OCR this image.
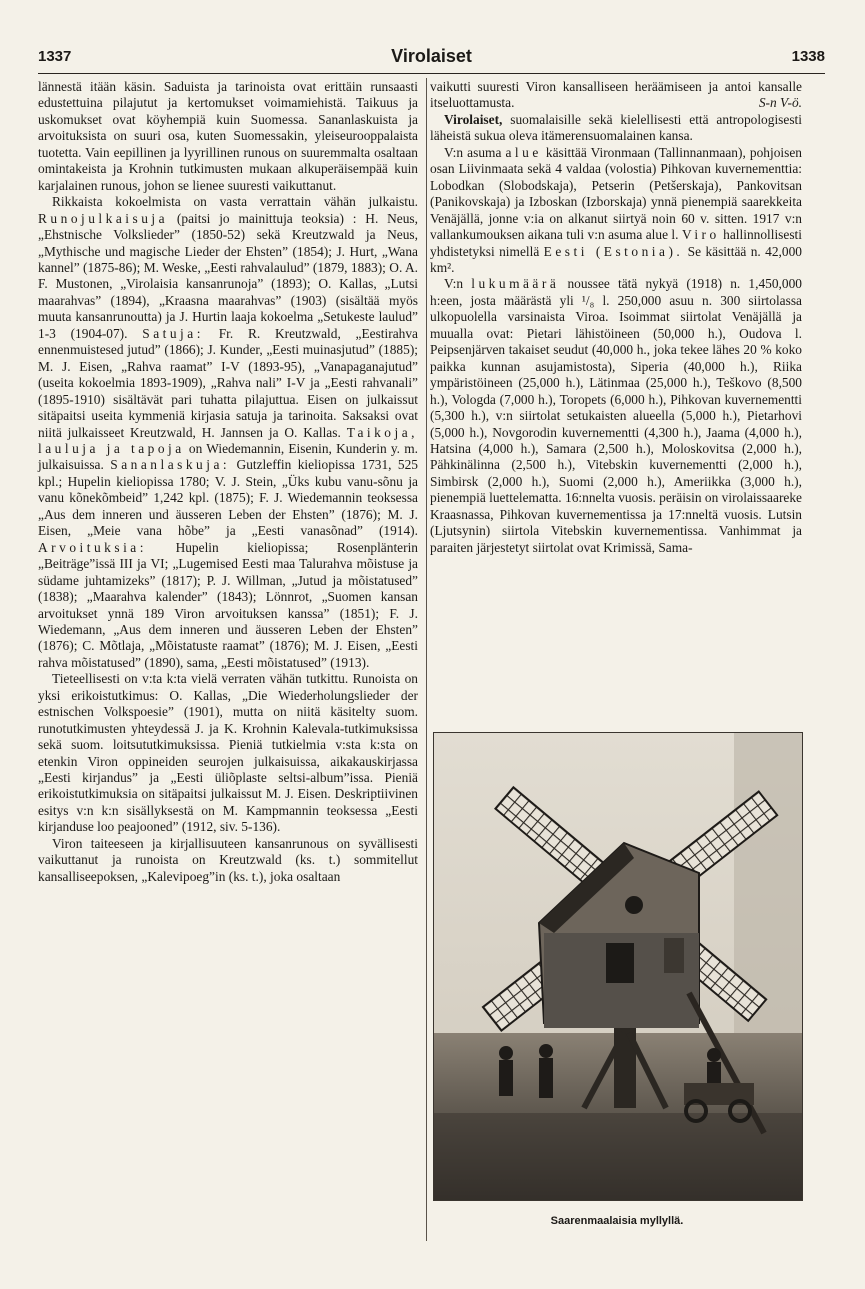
1337	Virolaiset	1338

lännestä itään käsin. Saduista ja tarinoista ovat erittäin runsaasti edustettuina pilajutut ja kertomukset voimamiehistä. Taikuus ja uskomukset ovat köyhempiä kuin Suomessa. Sananlaskuista ja arvoituksista on suuri osa, kuten Suomessakin, yleiseurooppalaista tuotetta. Vain eepillinen ja lyyrillinen runous on suuremmalta osaltaan omintakeista ja Krohnin tutkimusten mukaan alkuperäisempää kuin karjalainen runous, johon se lienee suuresti vaikuttanut.

Rikkaista kokoelmista on vasta verrattain vähän julkaistu. Runojulkaisuja (paitsi jo mainittuja teoksia) : H. Neus, „Ehstnische Volkslieder” (1850-52) sekä Kreutzwald ja Neus, „Mythische und magische Lieder der Ehsten” (1854); J. Hurt, „Wana kannel” (1875-86); M. Weske, „Eesti rahvalaulud” (1879, 1883); O. A. F. Mustonen, „Virolaisia kansanrunoja” (1893); O. Kallas, „Lutsi maarahvas” (1894), „Kraasna maarahvas” (1903) (sisältää myös muuta kansanrunoutta) ja J. Hurtin laaja kokoelma „Setukeste laulud” 1-3 (1904-07). Satuja: Fr. R. Kreutzwald, „Eestirahva ennenmuistesed jutud” (1866); J. Kunder, „Eesti muinasjutud” (1885); M. J. Eisen, „Rahva raamat” I-V (1893-95), „Vanapaganajutud” (useita kokoelmia 1893-1909), „Rahva nali” I-V ja „Eesti rahvanali” (1895-1910) sisältävät pari tuhatta pilajuttua. Eisen on julkaissut sitäpaitsi useita kymmeniä kirjasia satuja ja tarinoita. Saksaksi ovat niitä julkaisseet Kreutzwald, H. Jannsen ja O. Kallas. Taikoja, lauluja ja tapoja on Wiedemannin, Eisenin, Kunderin y. m. julkaisuissa. Sananlaskuja: Gutzleffin kieliopissa 1731, 525 kpl.; Hupelin kieliopissa 1780; V. J. Stein, „Üks kubu vanu-sõnu ja vanu kõnekõmbeid” 1,242 kpl. (1875); F. J. Wiedemannin teoksessa „Aus dem inneren und äusseren Leben der Ehsten” (1876); M. J. Eisen, „Meie vana hõbe” ja „Eesti vanasõnad” (1914). Arvoituksia: Hupelin kieliopissa; Rosenplänterin „Beiträge”issä III ja VI; „Lugemised Eesti maa Talurahva mõistuse ja südame juhtamizeks” (1817); P. J. Willman, „Jutud ja mõistatused” (1838); „Maarahva kalender” (1843); Lönnrot, „Suomen kansan arvoitukset ynnä 189 Viron arvoituksen kanssa” (1851); F. J. Wiedemann, „Aus dem inneren und äusseren Leben der Ehsten” (1876); C. Mõtlaja, „Mõistatuste raamat” (1876); M. J. Eisen, „Eesti rahva mõistatused” (1890), sama, „Eesti mõistatused” (1913).

Tieteellisesti on v:ta k:ta vielä verraten vähän tutkittu. Runoista on yksi erikoistutkimus: O. Kallas, „Die Wiederholungslieder der estnischen Volkspoesie” (1901), mutta on niitä käsitelty suom. runotutkimusten yhteydessä J. ja K. Krohnin Kalevala-tutkimuksissa sekä suom. loitsututkimuksissa. Pieniä tutkielmia v:sta k:sta on etenkin Viron oppineiden seurojen julkaisuissa, aikakauskirjassa „Eesti kirjandus” ja „Eesti üliõplaste seltsi-album”issa. Pieniä erikoistutkimuksia on sitäpaitsi julkaissut M. J. Eisen. Deskriptiivinen esitys v:n k:n sisällyksestä on M. Kampmannin teoksessa „Eesti kirjanduse loo peajooned” (1912, siv. 5-136).

Viron taiteeseen ja kirjallisuuteen kansanrunous on syvällisesti vaikuttanut ja runoista on Kreutzwald (ks. t.) sommitellut kansalliseepoksen, „Kalevipoeg”in (ks. t.), joka osaltaan

vaikutti suuresti Viron kansalliseen heräämiseen ja antoi kansalle itseluottamusta.	S-n V-ö.

Virolaiset, suomalaisille sekä kielellisesti että antropologisesti läheistä sukua oleva itämerensuomalainen kansa.

V:n asuma alue käsittää Vironmaan (Tallinnanmaan), pohjoisen osan Liivinmaata sekä 4 valdaa (volostia) Pihkovan kuvernementtia: Lobodkan (Slobodskaja), Petserin (Petšerskaja), Pankovitsan (Panikovskaja) ja Izboskan (Izborskaja) ynnä pienempiä saarekkeita Venäjällä, jonne v:ia on alkanut siirtyä noin 60 v. sitten. 1917 v:n vallankumouksen aikana tuli v:n asuma alue l. Viro hallinnollisesti yhdistetyksi nimellä Eesti (Estonia). Se käsittää n. 42,000 km².

V:n lukumäärä noussee tätä nykyä (1918) n. 1,450,000 h:een, josta määrästä yli ¹/₈ l. 250,000 asuu n. 300 siirtolassa ulkopuolella varsinaista Viroa. Isoimmat siirtolat Venäjällä ja muualla ovat: Pietari lähistöineen (50,000 h.), Oudova l. Peipsenjärven takaiset seudut (40,000 h., joka tekee lähes 20 % koko paikka kunnan asujamistosta), Siperia (40,000 h.), Riika ympäristöineen (25,000 h.), Lätinmaa (25,000 h.), Teškovo (8,500 h.), Vologda (7,000 h.), Toropets (6,000 h.), Pihkovan kuvernementti (5,300 h.), v:n siirtolat setukaisten alueella (5,000 h.), Pietarhovi (5,000 h.), Novgorodin kuvernementti (4,300 h.), Jaama (4,000 h.), Hatsina (4,000 h.), Samara (2,500 h.), Moloskovitsa (2,000 h.), Pähkinälinna (2,500 h.), Vitebskin kuvernementti (2,000 h.), Simbirsk (2,000 h.), Suomi (2,000 h.), Ameriikka (3,000 h.), pienempiä luettelematta. 16:nnelta vuosis. peräisin on virolaissaareke Kraasnassa, Pihkovan kuvernementissa ja 17:nneltä vuosis. Lutsin (Ljutsynin) siirtola Vitebskin kuvernementissa. Vanhimmat ja paraiten järjestetyt siirtolat ovat Krimissä, Sama-

Saarenmaalaisia myllyllä.
